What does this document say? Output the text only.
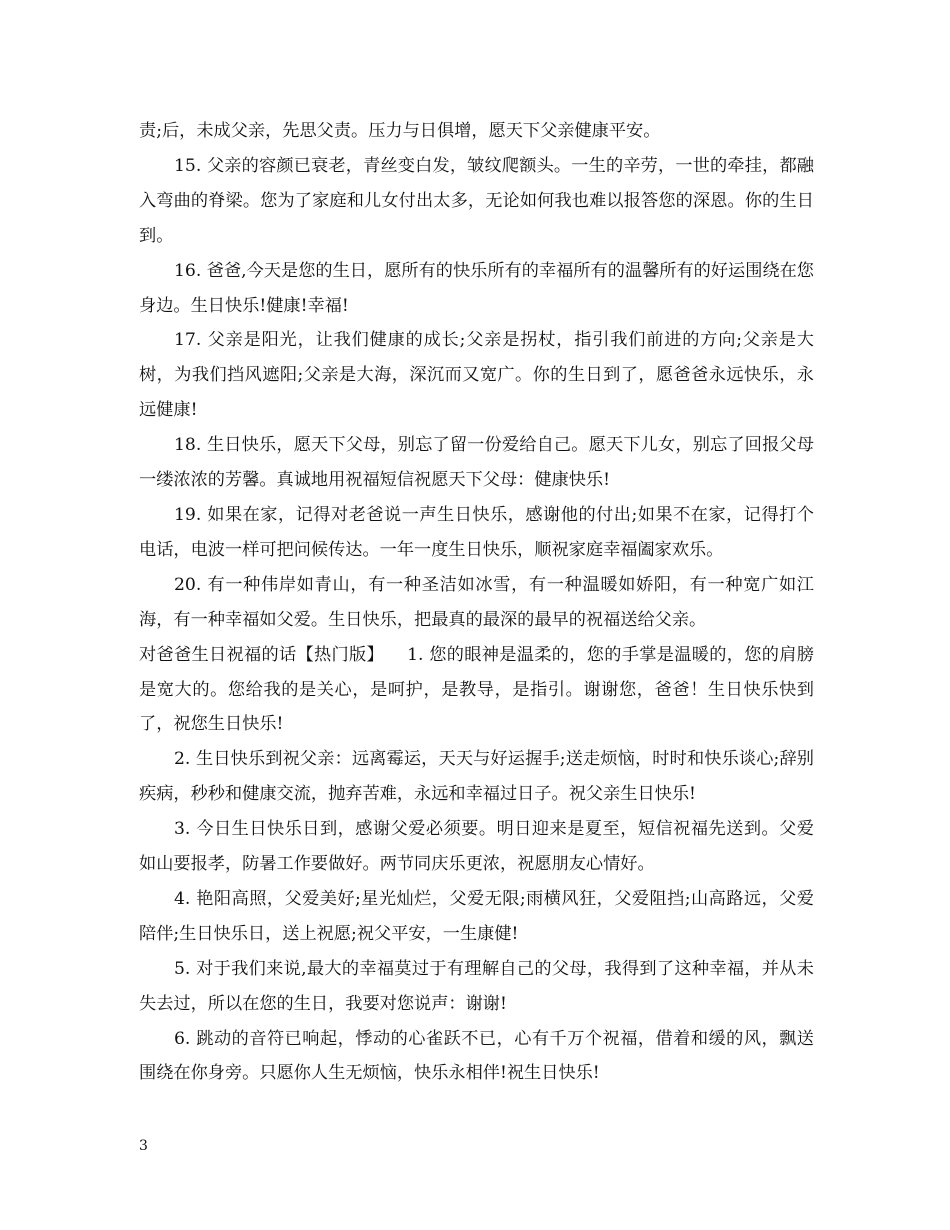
责;后，未成父亲，先思父责。压力与日俱增，愿天下父亲健康平安。

15. 父亲的容颜已衰老，青丝变白发，皱纹爬额头。一生的辛劳，一世的牵挂，都融入弯曲的脊梁。您为了家庭和儿女付出太多，无论如何我也难以报答您的深恩。你的生日到。

16. 爸爸,今天是您的生日，愿所有的快乐所有的幸福所有的温馨所有的好运围绕在您身边。生日快乐!健康!幸福!

17. 父亲是阳光，让我们健康的成长;父亲是拐杖，指引我们前进的方向;父亲是大树，为我们挡风遮阳;父亲是大海，深沉而又宽广。你的生日到了，愿爸爸永远快乐，永远健康!

18. 生日快乐，愿天下父母，别忘了留一份爱给自己。愿天下儿女，别忘了回报父母一缕浓浓的芳馨。真诚地用祝福短信祝愿天下父母：健康快乐!

19. 如果在家，记得对老爸说一声生日快乐，感谢他的付出;如果不在家，记得打个电话，电波一样可把问候传达。一年一度生日快乐，顺祝家庭幸福阖家欢乐。

20. 有一种伟岸如青山，有一种圣洁如冰雪，有一种温暖如娇阳，有一种宽广如江海，有一种幸福如父爱。生日快乐，把最真的最深的最早的祝福送给父亲。

对爸爸生日祝福的话【热门版】    1. 您的眼神是温柔的，您的手掌是温暖的，您的肩膀是宽大的。您给我的是关心，是呵护，是教导，是指引。谢谢您，爸爸！生日快乐快到了，祝您生日快乐!

2. 生日快乐到祝父亲：远离霉运，天天与好运握手;送走烦恼，时时和快乐谈心;辞别疾病，秒秒和健康交流，抛弃苦难，永远和幸福过日子。祝父亲生日快乐!

3. 今日生日快乐日到，感谢父爱必须要。明日迎来是夏至，短信祝福先送到。父爱如山要报孝，防暑工作要做好。两节同庆乐更浓，祝愿朋友心情好。

4. 艳阳高照，父爱美好;星光灿烂，父爱无限;雨横风狂，父爱阻挡;山高路远，父爱陪伴;生日快乐日，送上祝愿;祝父平安，一生康健!

5. 对于我们来说,最大的幸福莫过于有理解自己的父母，我得到了这种幸福，并从未失去过，所以在您的生日，我要对您说声：谢谢!

6. 跳动的音符已响起，悸动的心雀跃不已，心有千万个祝福，借着和缓的风，飘送围绕在你身旁。只愿你人生无烦恼，快乐永相伴!祝生日快乐!

3
